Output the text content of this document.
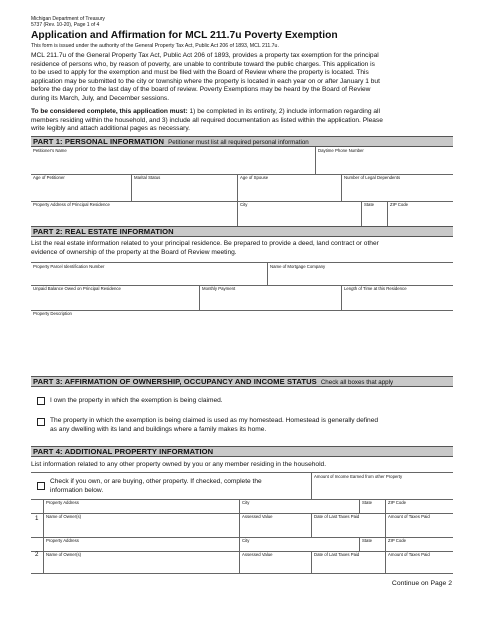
Michigan Department of Treasury
5737 (Rev. 10-20), Page 1 of 4
Application and Affirmation for MCL 211.7u Poverty Exemption
This form is issued under the authority of the General Property Tax Act, Public Act 206 of 1893, MCL 211.7u.
MCL 211.7u of the General Property Tax Act, Public Act 206 of 1893, provides a property tax exemption for the principal
residence of persons who, by reason of poverty, are unable to contribute toward the public charges. This application is
to be used to apply for the exemption and must be filed with the Board of Review where the property is located. This
application may be submitted to the city or township where the property is located in each year on or after January 1 but
before the day prior to the last day of the board of review. Poverty Exemptions may be heard by the Board of Review
during its March, July, and December sessions.
To be considered complete, this application must: 1) be completed in its entirety, 2) include information regarding all
members residing within the household, and 3) include all required documentation as listed within the application. Please
write legibly and attach additional pages as necessary.
PART 1: PERSONAL INFORMATION Petitioner must list all required personal information
Petitioner's Name	Daytime Phone Number
Age of Petitioner	Marital Status	Age of Spouse	Number of Legal Dependents
Property Address of Principal Residence	City	State	ZIP Code
PART 2: REAL ESTATE INFORMATION
List the real estate information related to your principal residence. Be prepared to provide a deed, land contract or other
evidence of ownership of the property at the Board of Review meeting.
Property Parcel Identification Number	Name of Mortgage Company
Unpaid Balance Owed on Principal Residence	Monthly Payment	Length of Time at this Residence
Property Description
PART 3: AFFIRMATION OF OWNERSHIP, OCCUPANCY AND INCOME STATUS Check all boxes that apply
I own the property in which the exemption is being claimed.
The property in which the exemption is being claimed is used as my homestead. Homestead is generally defined
as any dwelling with its land and buildings where a family makes its home.
PART 4: ADDITIONAL PROPERTY INFORMATION
List information related to any other property owned by you or any member residing in the household.
Amount of Income Earned from other Property
Property Address	City	State	ZIP Code
Name of Owner(s)	Assessed Value	Date of Last Taxes Paid	Amount of Taxes Paid
Property Address	City	State	ZIP Code
Name of Owner(s)	Assessed Value	Date of Last Taxes Paid	Amount of Taxes Paid
Check if you own, or are buying, other property. If checked, complete the
information below.
1
2
Continue on Page 2
